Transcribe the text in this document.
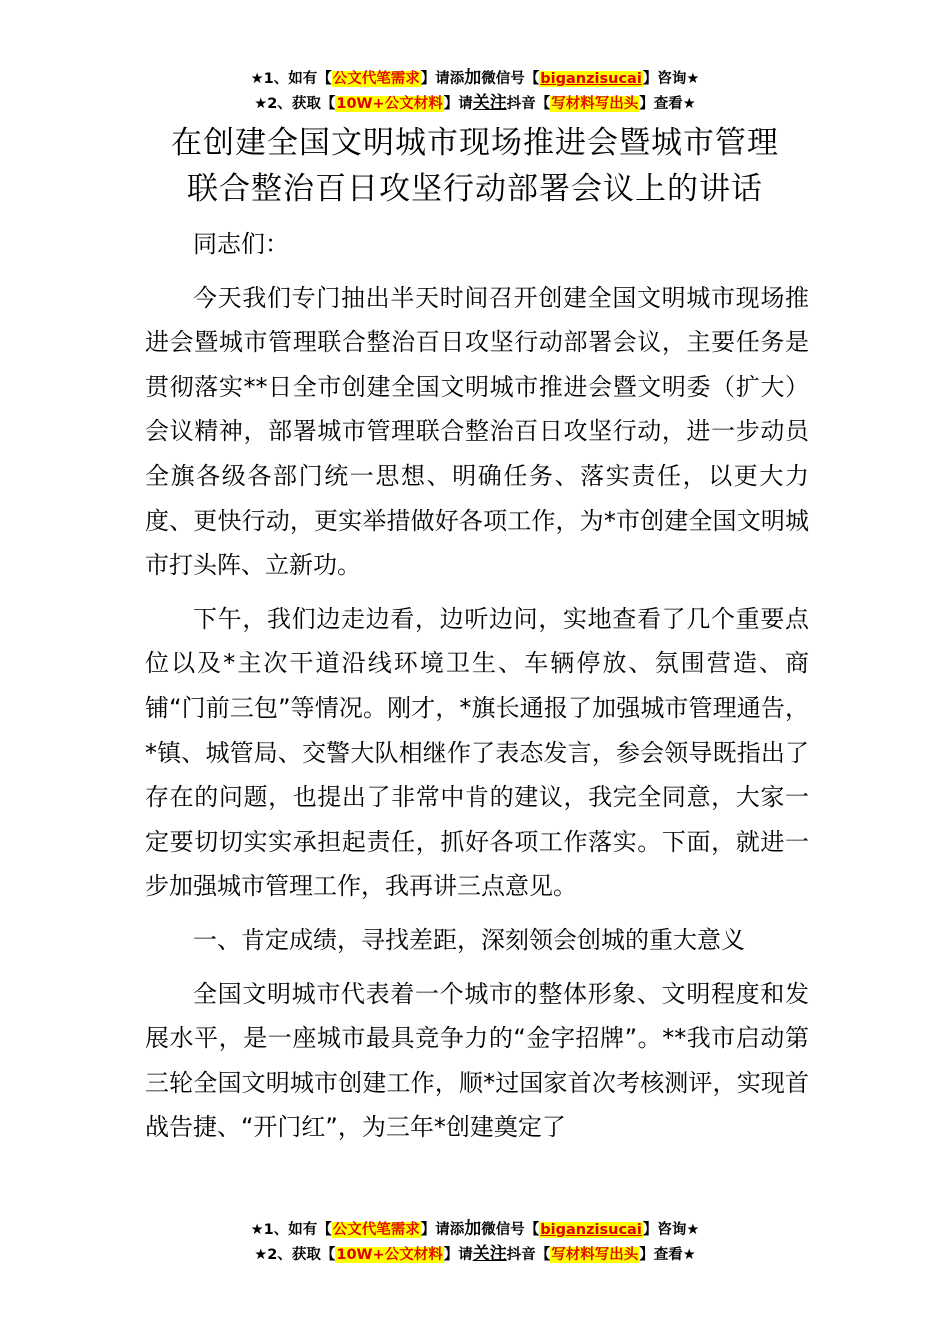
★1、如有【公文代笔需求】请添加微信号【biganzisucai】咨询★
★2、获取【10W+公文材料】请关注抖音【写材料写出头】查看★
在创建全国文明城市现场推进会暨城市管理
联合整治百日攻坚行动部署会议上的讲话

同志们：

今天我们专门抽出半天时间召开创建全国文明城市现场推进会暨城市管理联合整治百日攻坚行动部署会议，主要任务是贯彻落实**日全市创建全国文明城市推进会暨文明委（扩大）会议精神，部署城市管理联合整治百日攻坚行动，进一步动员全旗各级各部门统一思想、明确任务、落实责任，以更大力度、更快行动，更实举措做好各项工作，为*市创建全国文明城市打头阵、立新功。

下午，我们边走边看，边听边问，实地查看了几个重要点位以及*主次干道沿线环境卫生、车辆停放、氛围营造、商铺“门前三包”等情况。刚才，*旗长通报了加强城市管理通告，*镇、城管局、交警大队相继作了表态发言，参会领导既指出了存在的问题，也提出了非常中肯的建议，我完全同意，大家一定要切切实实承担起责任，抓好各项工作落实。下面，就进一步加强城市管理工作，我再讲三点意见。

一、肯定成绩，寻找差距，深刻领会创城的重大意义

全国文明城市代表着一个城市的整体形象、文明程度和发展水平，是一座城市最具竞争力的“金字招牌”。**我市启动第三轮全国文明城市创建工作，顺*过国家首次考核测评，实现首战告捷、“开门红”，为三年*创建奠定了

★1、如有【公文代笔需求】请添加微信号【biganzisucai】咨询★
★2、获取【10W+公文材料】请关注抖音【写材料写出头】查看★
